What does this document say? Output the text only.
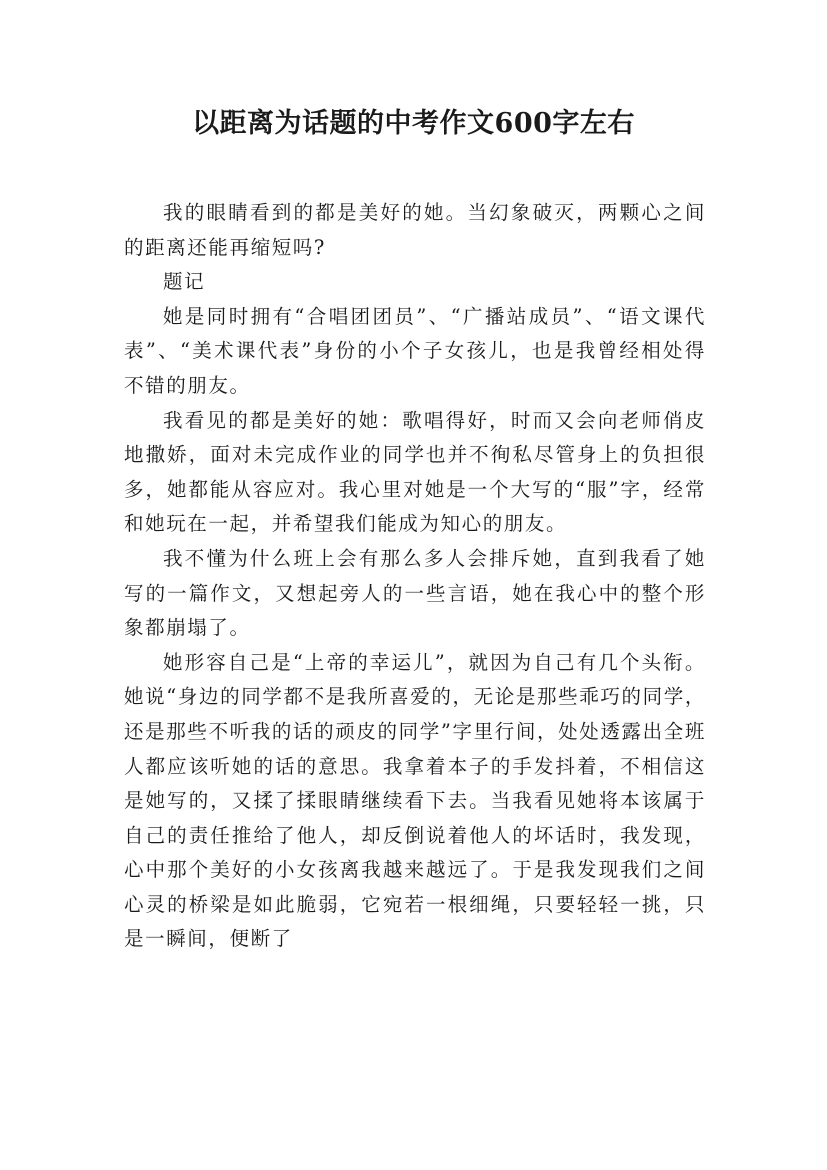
以距离为话题的中考作文600字左右

我的眼睛看到的都是美好的她。当幻象破灭，两颗心之间的距离还能再缩短吗?

题记

她是同时拥有“合唱团团员”、“广播站成员”、“语文课代表”、“美术课代表”身份的小个子女孩儿，也是我曾经相处得不错的朋友。

我看见的都是美好的她：歌唱得好，时而又会向老师俏皮地撒娇，面对未完成作业的同学也并不徇私尽管身上的负担很多，她都能从容应对。我心里对她是一个大写的“服”字，经常和她玩在一起，并希望我们能成为知心的朋友。

我不懂为什么班上会有那么多人会排斥她，直到我看了她写的一篇作文，又想起旁人的一些言语，她在我心中的整个形象都崩塌了。

她形容自己是“上帝的幸运儿”，就因为自己有几个头衔。她说“身边的同学都不是我所喜爱的，无论是那些乖巧的同学，还是那些不听我的话的顽皮的同学”字里行间，处处透露出全班人都应该听她的话的意思。我拿着本子的手发抖着，不相信这是她写的，又揉了揉眼睛继续看下去。当我看见她将本该属于自己的责任推给了他人，却反倒说着他人的坏话时，我发现，心中那个美好的小女孩离我越来越远了。于是我发现我们之间心灵的桥梁是如此脆弱，它宛若一根细绳，只要轻轻一挑，只是一瞬间，便断了
